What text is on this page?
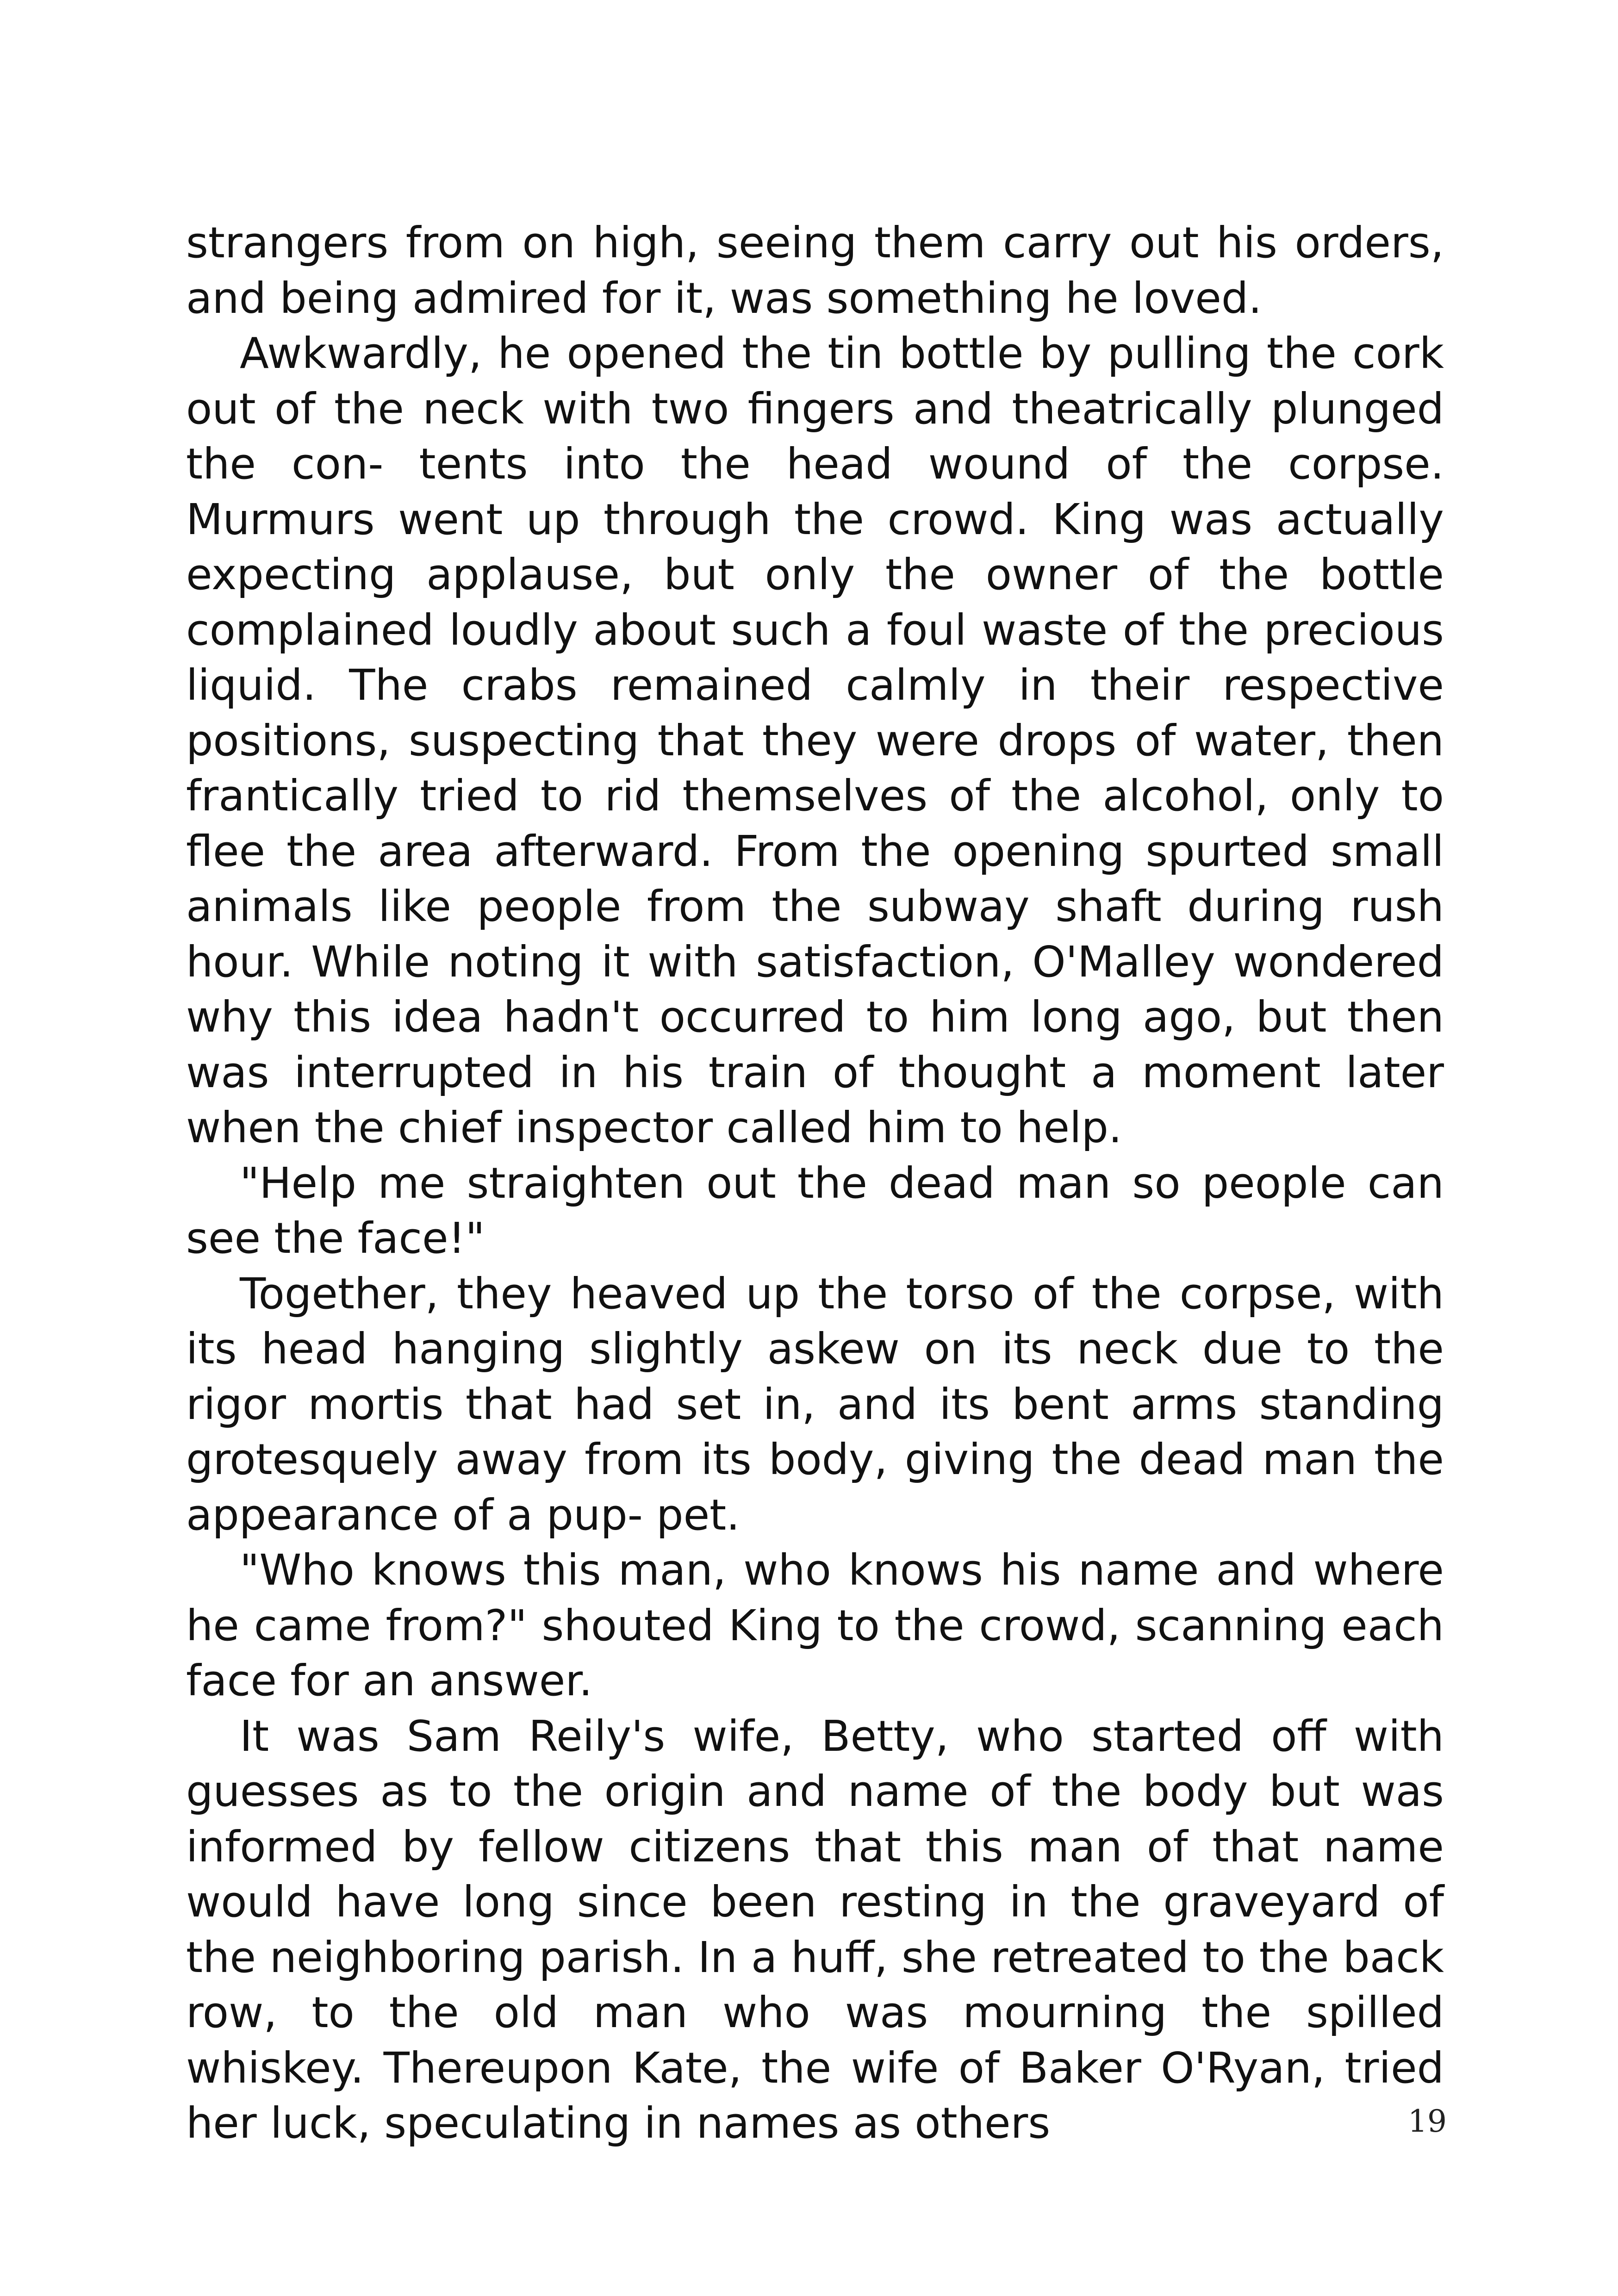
strangers from on high, seeing them carry out his orders, and being admired for it, was something he loved.

Awkwardly, he opened the tin bottle by pulling the cork out of the neck with two fingers and theatrically plunged the con- tents into the head wound of the corpse. Murmurs went up through the crowd. King was actually expecting applause, but only the owner of the bottle complained loudly about such a foul waste of the precious liquid. The crabs remained calmly in their respective positions, suspecting that they were drops of water, then frantically tried to rid themselves of the alcohol, only to flee the area afterward. From the opening spurted small animals like people from the subway shaft during rush hour. While noting it with satisfaction, O'Malley wondered why this idea hadn't occurred to him long ago, but then was interrupted in his train of thought a moment later when the chief inspector called him to help.

"Help me straighten out the dead man so people can see the face!"

Together, they heaved up the torso of the corpse, with its head hanging slightly askew on its neck due to the rigor mortis that had set in, and its bent arms standing grotesquely away from its body, giving the dead man the appearance of a pup- pet.

"Who knows this man, who knows his name and where he came from?" shouted King to the crowd, scanning each face for an answer.

It was Sam Reily's wife, Betty, who started off with guesses as to the origin and name of the body but was informed by fellow citizens that this man of that name would have long since been resting in the graveyard of the neighboring parish. In a huff, she retreated to the back row, to the old man who was mourning the spilled whiskey. Thereupon Kate, the wife of Baker O'Ryan, tried her luck, speculating in names as others	19
